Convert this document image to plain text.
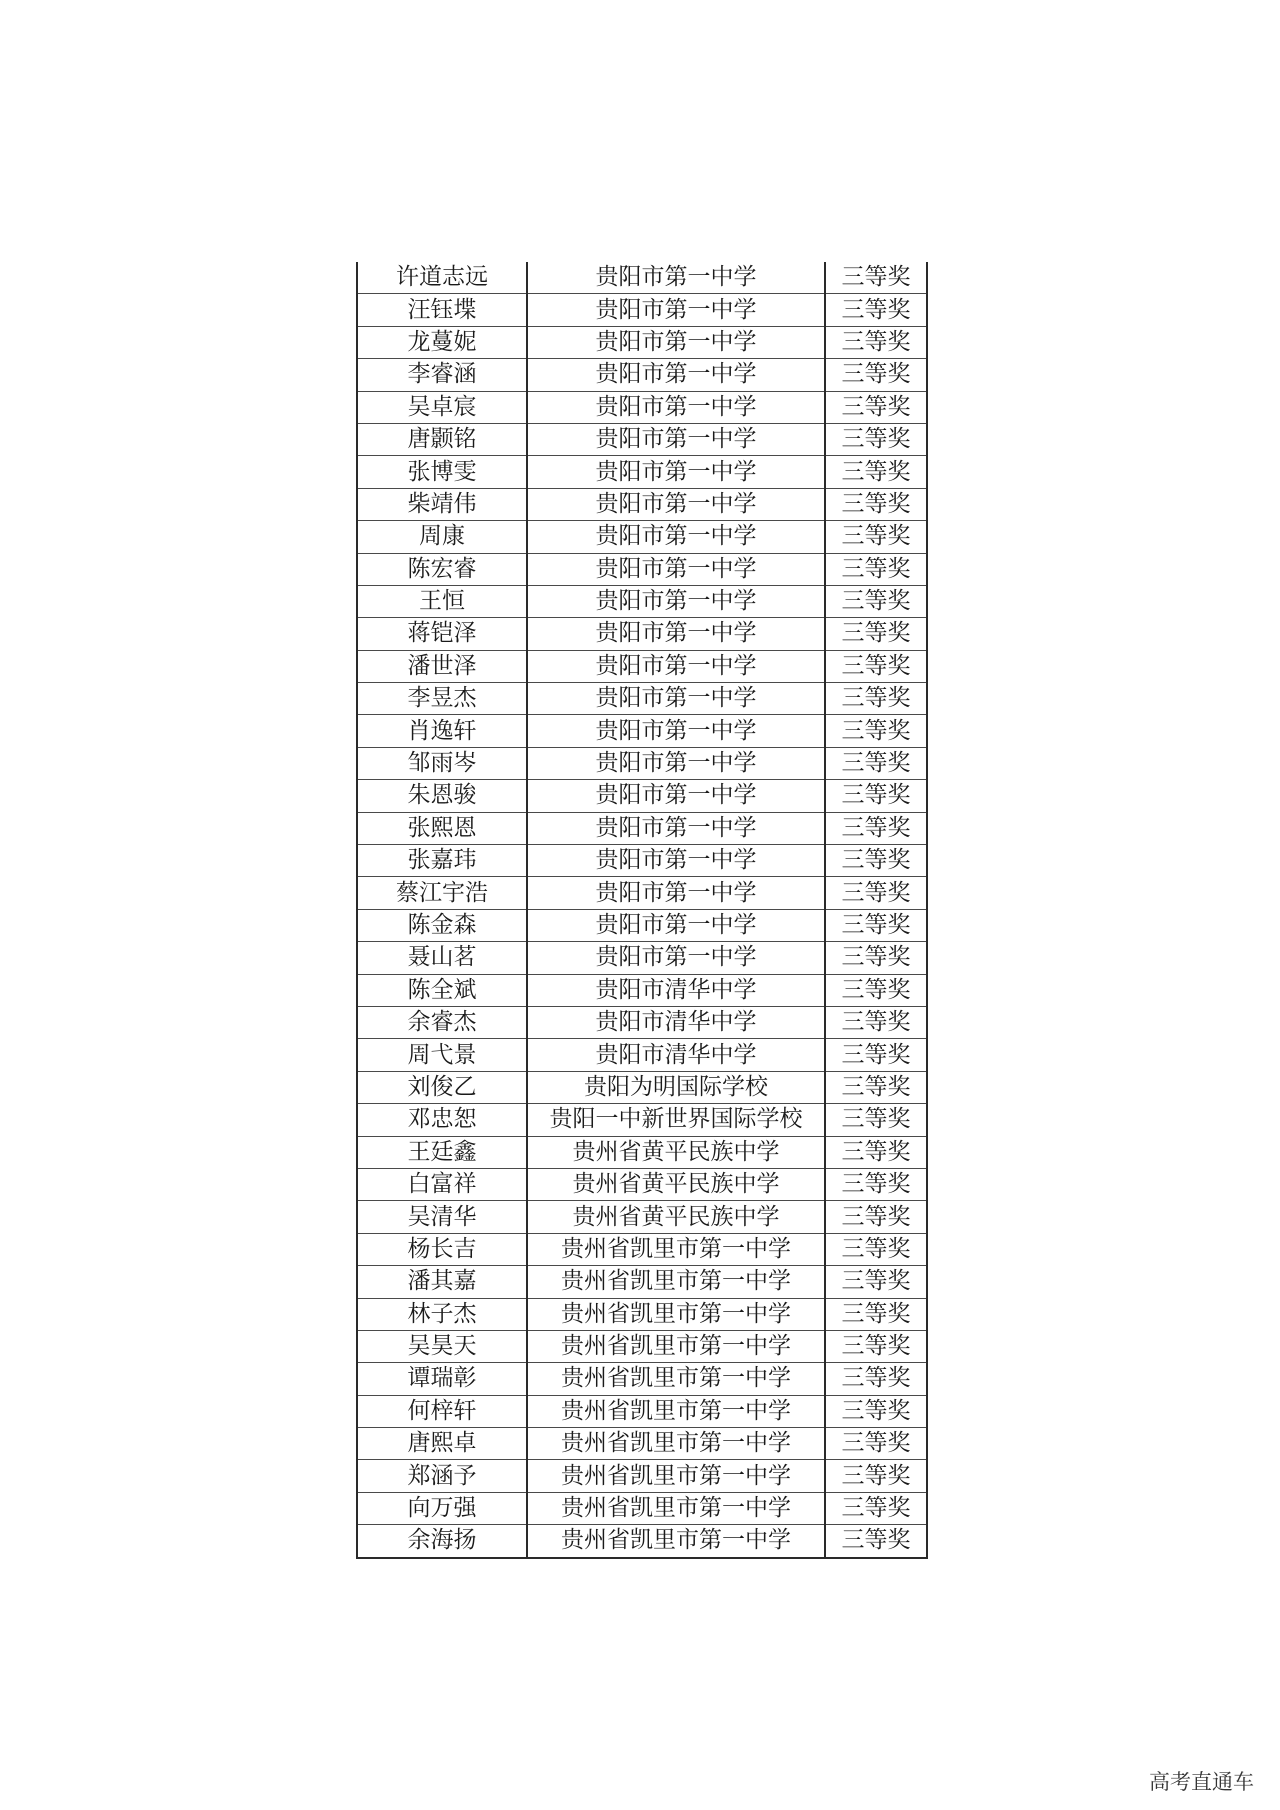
许道志远	贵阳市第一中学	三等奖
汪钰堞	贵阳市第一中学	三等奖
龙蔓妮	贵阳市第一中学	三等奖
李睿涵	贵阳市第一中学	三等奖
吴卓宸	贵阳市第一中学	三等奖
唐颢铭	贵阳市第一中学	三等奖
张博雯	贵阳市第一中学	三等奖
柴靖伟	贵阳市第一中学	三等奖
周康	贵阳市第一中学	三等奖
陈宏睿	贵阳市第一中学	三等奖
王恒	贵阳市第一中学	三等奖
蒋铠泽	贵阳市第一中学	三等奖
潘世泽	贵阳市第一中学	三等奖
李昱杰	贵阳市第一中学	三等奖
肖逸轩	贵阳市第一中学	三等奖
邹雨岑	贵阳市第一中学	三等奖
朱恩骏	贵阳市第一中学	三等奖
张熙恩	贵阳市第一中学	三等奖
张嘉玮	贵阳市第一中学	三等奖
蔡江宇浩	贵阳市第一中学	三等奖
陈金森	贵阳市第一中学	三等奖
聂山茗	贵阳市第一中学	三等奖
陈全斌	贵阳市清华中学	三等奖
余睿杰	贵阳市清华中学	三等奖
周弋景	贵阳市清华中学	三等奖
刘俊乙	贵阳为明国际学校	三等奖
邓忠恕	贵阳一中新世界国际学校	三等奖
王廷鑫	贵州省黄平民族中学	三等奖
白富祥	贵州省黄平民族中学	三等奖
吴清华	贵州省黄平民族中学	三等奖
杨长吉	贵州省凯里市第一中学	三等奖
潘其嘉	贵州省凯里市第一中学	三等奖
林子杰	贵州省凯里市第一中学	三等奖
吴昊天	贵州省凯里市第一中学	三等奖
谭瑞彰	贵州省凯里市第一中学	三等奖
何梓轩	贵州省凯里市第一中学	三等奖
唐熙卓	贵州省凯里市第一中学	三等奖
郑涵予	贵州省凯里市第一中学	三等奖
向万强	贵州省凯里市第一中学	三等奖
余海扬	贵州省凯里市第一中学	三等奖
高考直通车
